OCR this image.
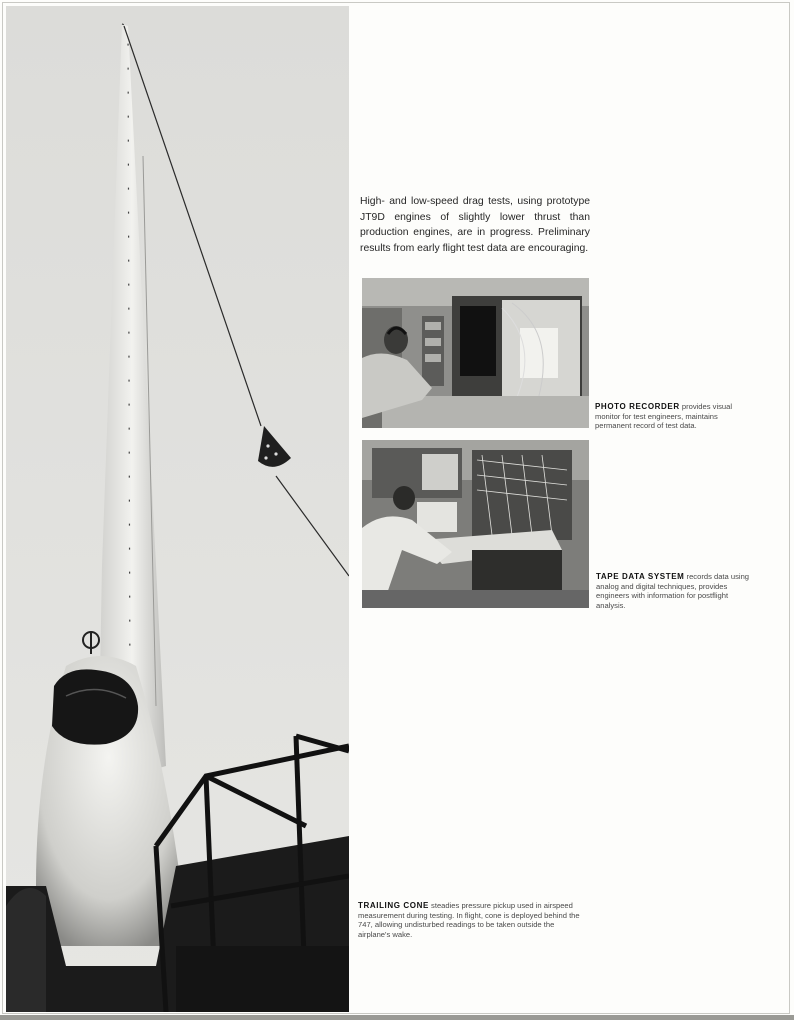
High- and low-speed drag tests, using prototype JT9D engines of slightly lower thrust than production engines, are in progress. Preliminary results from early flight test data are encouraging.
PHOTO RECORDER provides visual monitor for test engineers, maintains permanent record of test data.
TAPE DATA SYSTEM records data using analog and digital techniques, provides engineers with information for postflight analysis.
TRAILING CONE steadies pressure pickup used in airspeed measurement during testing. In flight, cone is deployed behind the 747, allowing undisturbed readings to be taken outside the airplane's wake.
